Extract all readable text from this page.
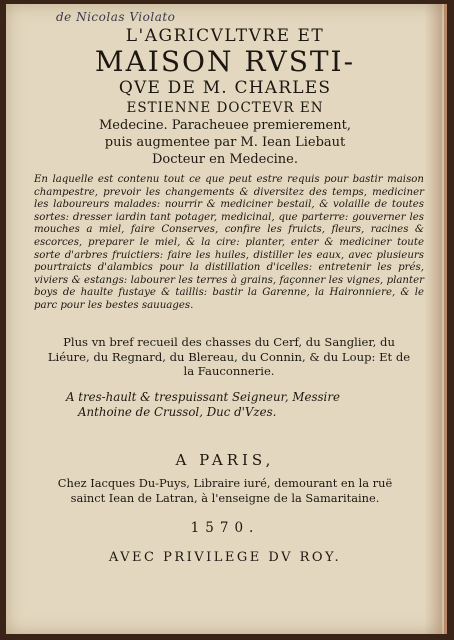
de Nicolas Violato
L'AGRICVLTVRE ET
MAISON RVSTI-
QVE DE M. CHARLES
ESTIENNE DOCTEVR EN
Medecine. Paracheuee premierement,
puis augmentee par M. Iean Liebaut
Docteur en Medecine.
En laquelle est contenu tout ce que peut estre requis pour bastir maison champestre, prevoir les changements & diversitez des temps, mediciner les laboureurs malades: nourrir & mediciner bestail, & volaille de toutes sortes: dresser iardin tant potager, medicinal, que parterre: gouverner les mouches a miel, faire Conserves, confire les fruicts, fleurs, racines & escorces, preparer le miel, & la cire: planter, enter & mediciner toute sorte d'arbres fruictiers: faire les huiles, distiller les eaux, avec plusieurs pourtraicts d'alambics pour la distillation d'icelles: entretenir les prés, viviers & estangs: labourer les terres à grains, façonner les vignes, planter boys de haulte fustaye & taillis: bastir la Garenne, la Haironniere, & le parc pour les bestes sauuages.
Plus vn bref recueil des chasses du Cerf, du Sanglier, du Liéure, du Regnard, du Blereau, du Connin, & du Loup: Et de la Fauconnerie.
A tres-hault & trespuissant Seigneur, Messire
Anthoine de Crussol, Duc d'Vzes.
A PARIS,
Chez Iacques Du-Puys, Libraire iuré, demourant en la ruë
sainct Iean de Latran, à l'enseigne de la Samaritaine.
1570.
AVEC PRIVILEGE DV ROY.
